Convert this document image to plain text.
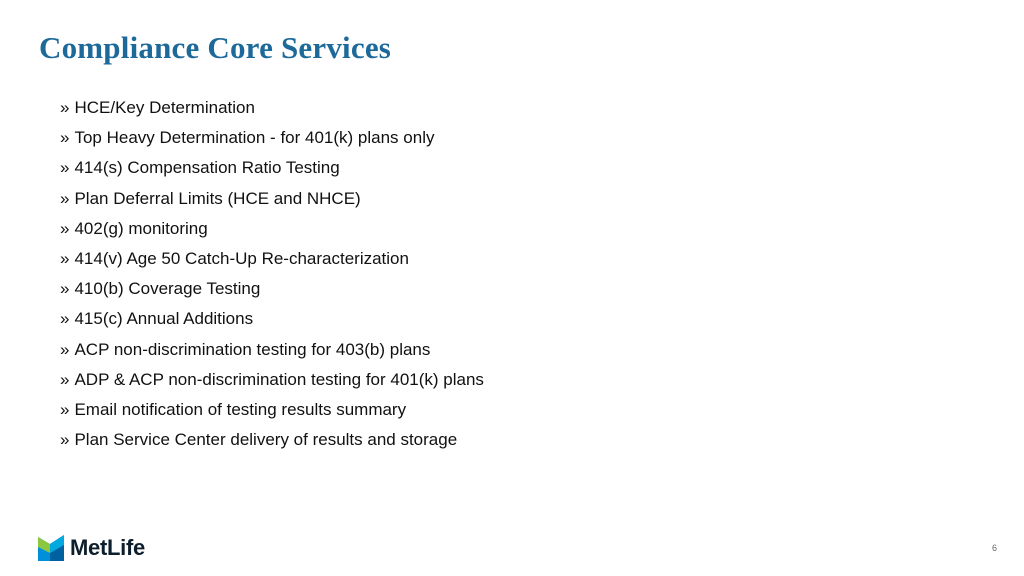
Compliance Core Services
» HCE/Key Determination
» Top Heavy Determination - for 401(k) plans only
» 414(s) Compensation Ratio Testing
» Plan Deferral Limits (HCE and NHCE)
» 402(g) monitoring
» 414(v) Age 50 Catch-Up Re-characterization
» 410(b) Coverage Testing
» 415(c) Annual Additions
» ACP non-discrimination testing for 403(b) plans
» ADP & ACP non-discrimination testing for 401(k) plans
» Email notification of testing results summary
» Plan Service Center delivery of results and storage
MetLife	6
